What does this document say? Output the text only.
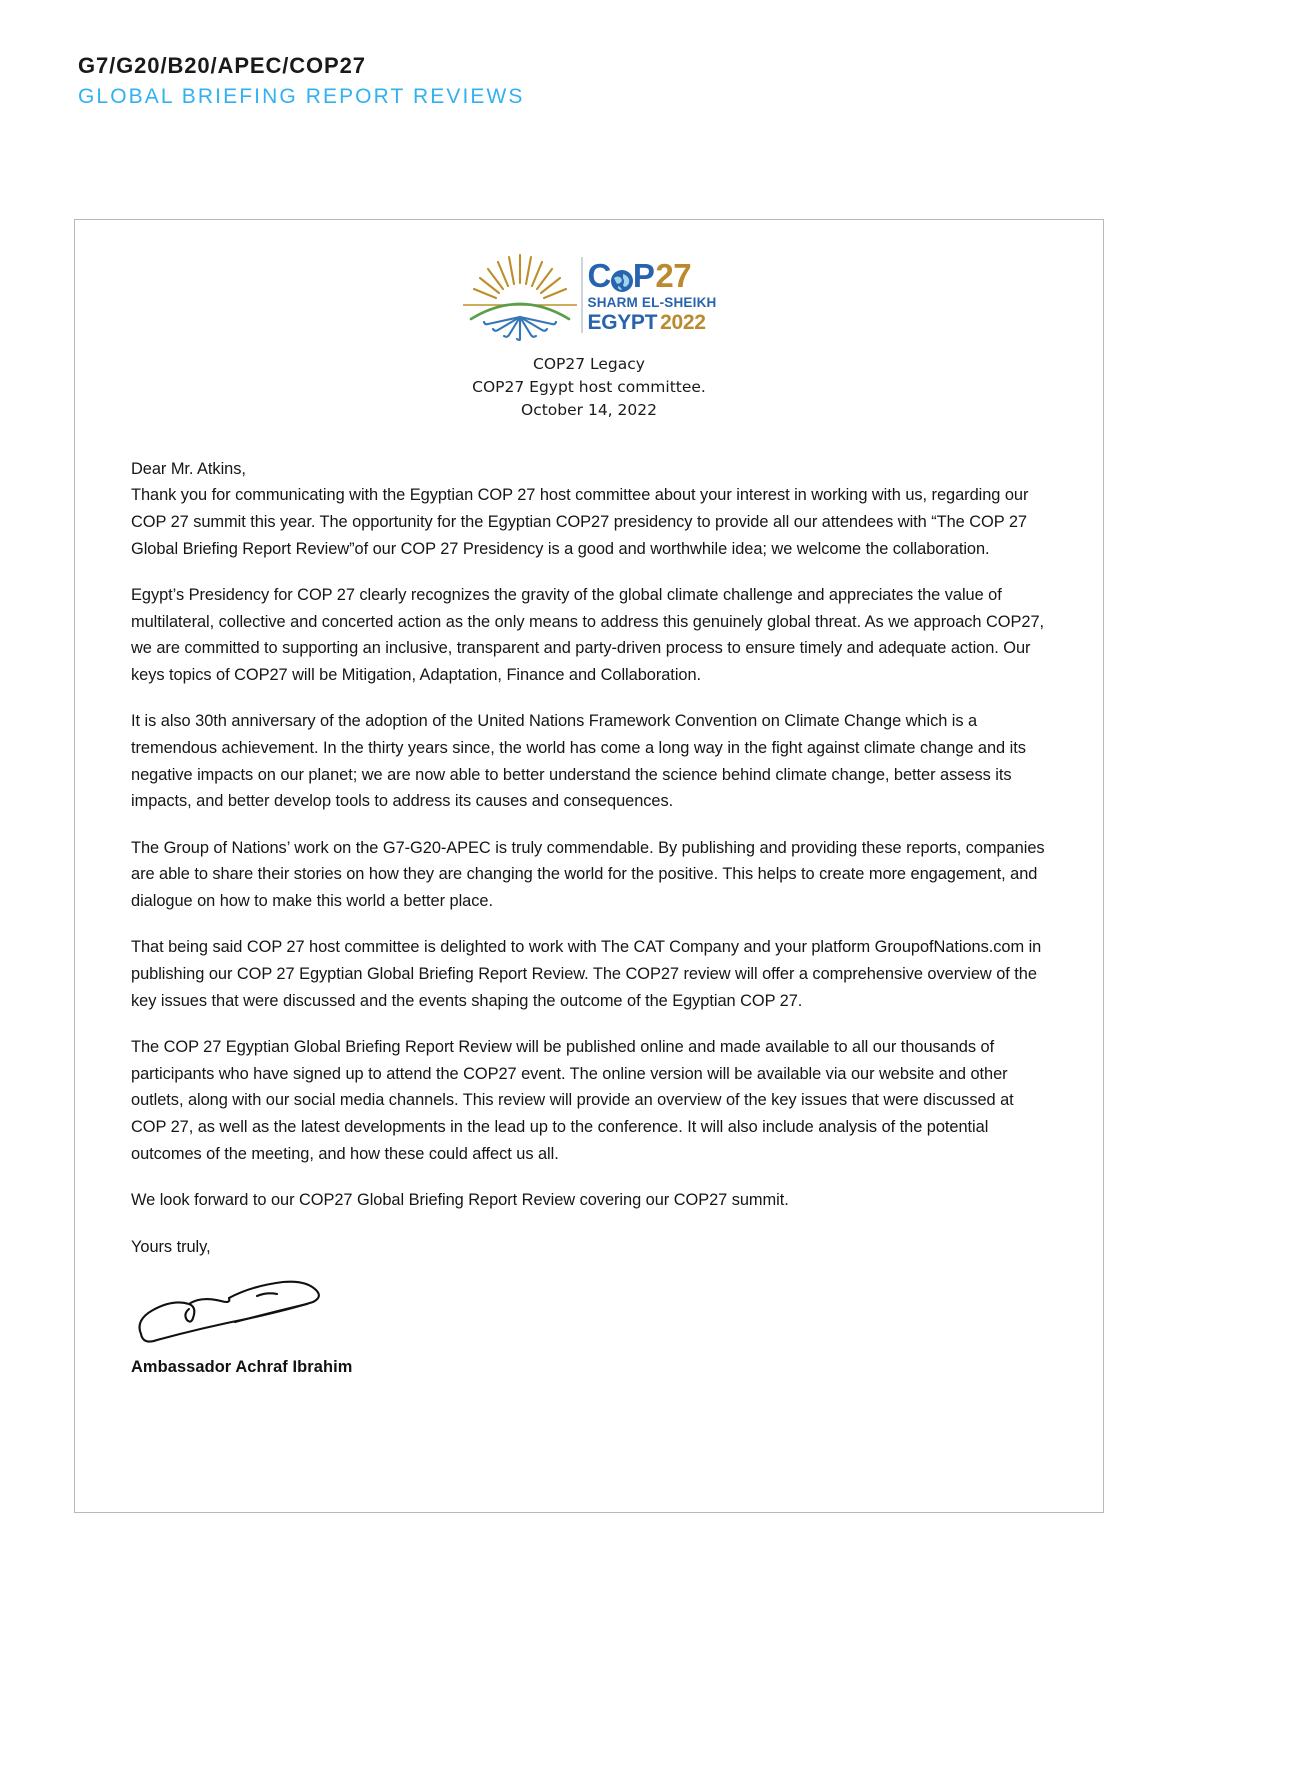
G7/G20/B20/APEC/COP27
GLOBAL BRIEFING REPORT REVIEWS
C P 27
SHARM EL-SHEIKH
EGYPT 2022
COP27 Legacy
COP27 Egypt host committee.
October 14, 2022

Dear Mr. Atkins,

Thank you for communicating with the Egyptian COP 27 host committee about your interest in working with us, regarding our COP 27 summit this year. The opportunity for the Egyptian COP27 presidency to provide all our attendees with “The COP 27 Global Briefing Report Review”of our COP 27 Presidency is a good and worthwhile idea; we welcome the collaboration.

Egypt’s Presidency for COP 27 clearly recognizes the gravity of the global climate challenge and appreciates the value of multilateral, collective and concerted action as the only means to address this genuinely global threat. As we approach COP27, we are committed to supporting an inclusive, transparent and party-driven process to ensure timely and adequate action. Our keys topics of COP27 will be Mitigation, Adaptation, Finance and Collaboration.

It is also 30th anniversary of the adoption of the United Nations Framework Convention on Climate Change which is a tremendous achievement. In the thirty years since, the world has come a long way in the fight against climate change and its negative impacts on our planet; we are now able to better understand the science behind climate change, better assess its impacts, and better develop tools to address its causes and consequences.

The Group of Nations’ work on the G7-G20-APEC is truly commendable. By publishing and providing these reports, companies are able to share their stories on how they are changing the world for the positive. This helps to create more engagement, and dialogue on how to make this world a better place.

That being said COP 27 host committee is delighted to work with The CAT Company and your platform GroupofNations.com in publishing our COP 27 Egyptian Global Briefing Report Review. The COP27 review will offer a comprehensive overview of the key issues that were discussed and the events shaping the outcome of the Egyptian COP 27.

The COP 27 Egyptian Global Briefing Report Review will be published online and made available to all our thousands of participants who have signed up to attend the COP27 event. The online version will be available via our website and other outlets, along with our social media channels. This review will provide an overview of the key issues that were discussed at COP 27, as well as the latest developments in the lead up to the conference. It will also include analysis of the potential outcomes of the meeting, and how these could affect us all.

We look forward to our COP27 Global Briefing Report Review covering our COP27 summit.

Yours truly,

Ambassador Achraf Ibrahim
